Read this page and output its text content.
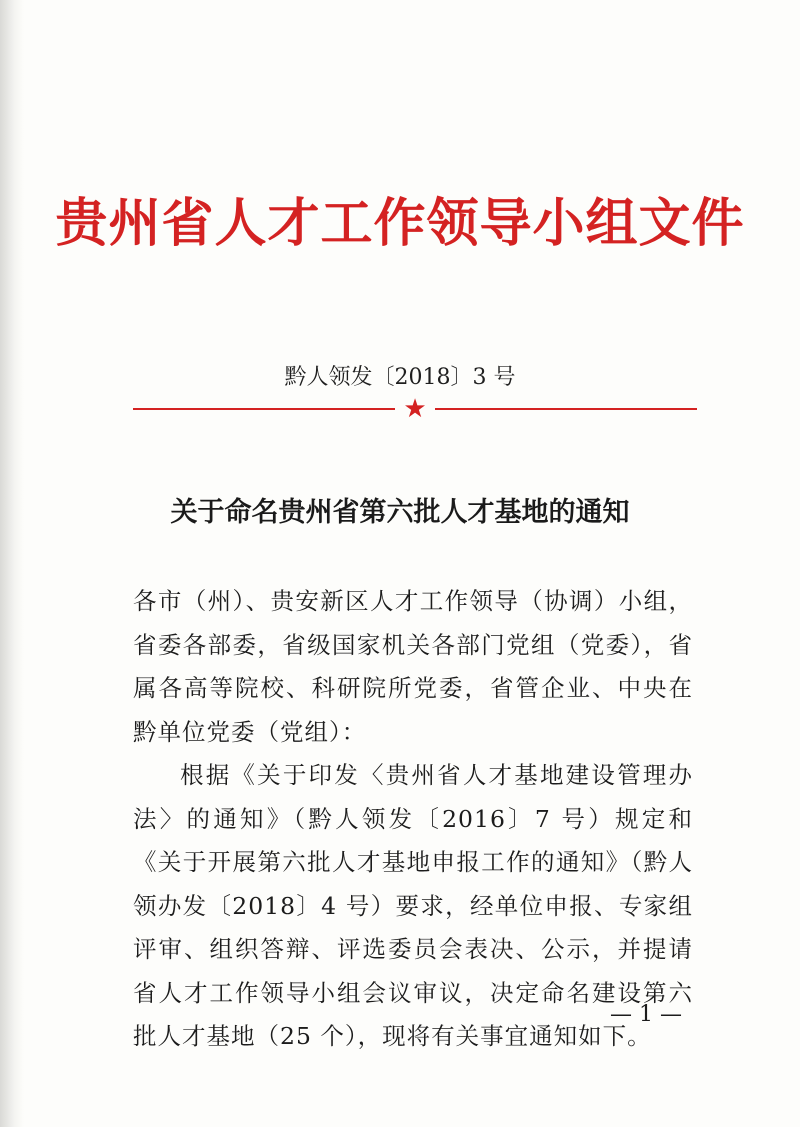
贵州省人才工作领导小组文件
黔人领发〔2018〕3 号
★
关于命名贵州省第六批人才基地的通知

各市（州）、贵安新区人才工作领导（协调）小组，省委各部委，省级国家机关各部门党组（党委），省属各高等院校、科研院所党委，省管企业、中央在黔单位党委（党组）：

根据《关于印发〈贵州省人才基地建设管理办法〉的通知》（黔人领发〔2016〕7 号）规定和《关于开展第六批人才基地申报工作的通知》（黔人领办发〔2018〕4 号）要求，经单位申报、专家组评审、组织答辩、评选委员会表决、公示，并提请省人才工作领导小组会议审议，决定命名建设第六批人才基地（25 个），现将有关事宜通知如下。

— 1 —
